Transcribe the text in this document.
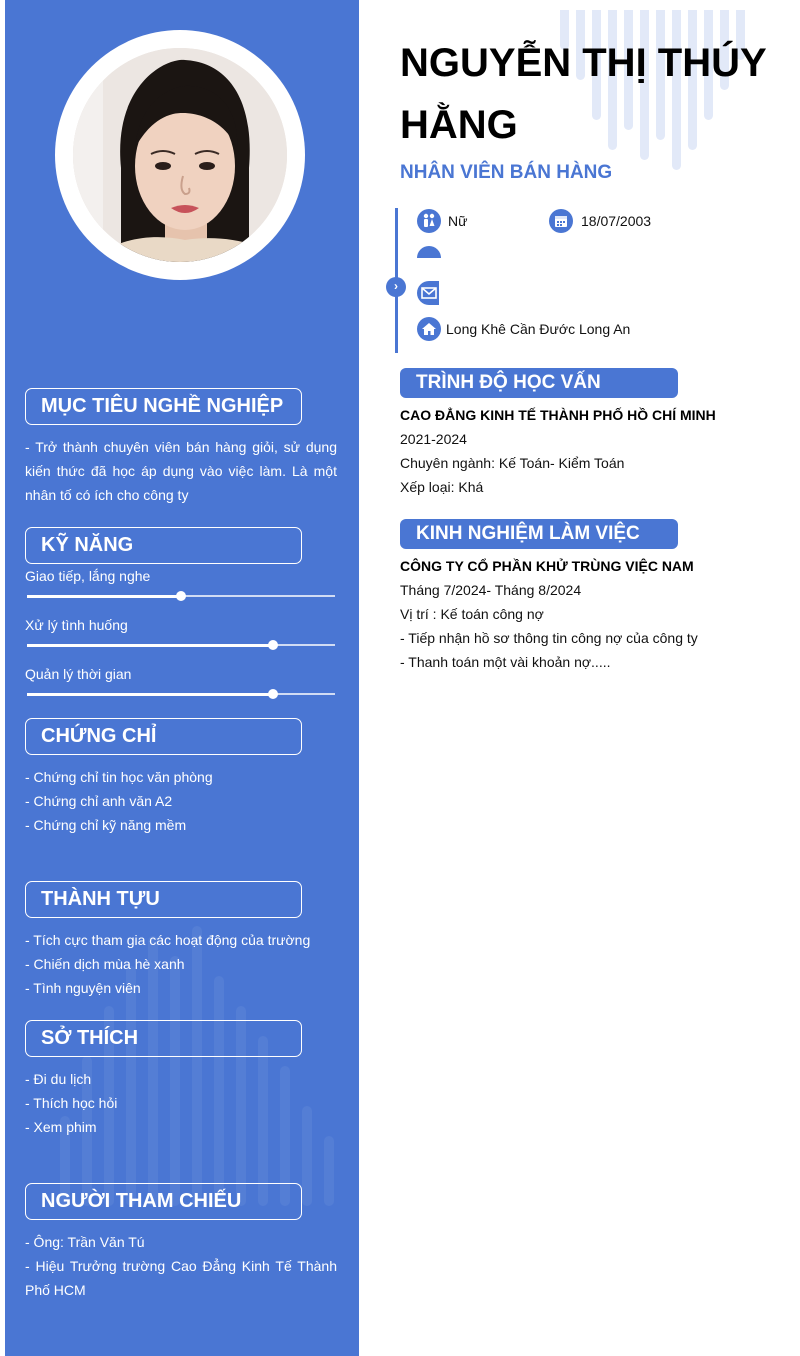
MỤC TIÊU NGHỀ NGHIỆP
- Trở thành chuyên viên bán hàng giỏi, sử dụng kiến thức đã học áp dụng vào việc làm. Là một nhân tố có ích cho công ty
KỸ NĂNG
Giao tiếp, lắng nghe
Xử lý tình huống
Quản lý thời gian
CHỨNG CHỈ
- Chứng chỉ tin học văn phòng
- Chứng chỉ anh văn A2
- Chứng chỉ kỹ năng mềm
THÀNH TỰU
- Tích cực tham gia các hoạt động của trường
- Chiến dịch mùa hè xanh
- Tình nguyện viên
SỞ THÍCH
- Đi du lịch
- Thích học hỏi
- Xem phim
NGƯỜI THAM CHIẾU
- Ông: Trần Văn Tú
- Hiệu Trưởng trường Cao Đẳng Kinh Tế Thành Phố HCM
NGUYỄN THỊ THÚY HẰNG
NHÂN VIÊN BÁN HÀNG
›
Nữ	18/07/2003
Long Khê Cần Đước Long An
TRÌNH ĐỘ HỌC VẤN
CAO ĐẲNG KINH TẾ THÀNH PHỐ HỒ CHÍ MINH
2021-2024
Chuyên ngành: Kế Toán- Kiểm Toán
Xếp loại: Khá
KINH NGHIỆM LÀM VIỆC
CÔNG TY CỔ PHẦN KHỬ TRÙNG VIỆC NAM
Tháng 7/2024- Tháng 8/2024
Vị trí : Kế toán công nợ
- Tiếp nhận hồ sơ thông tin công nợ của công ty
- Thanh toán một vài khoản nợ.....
